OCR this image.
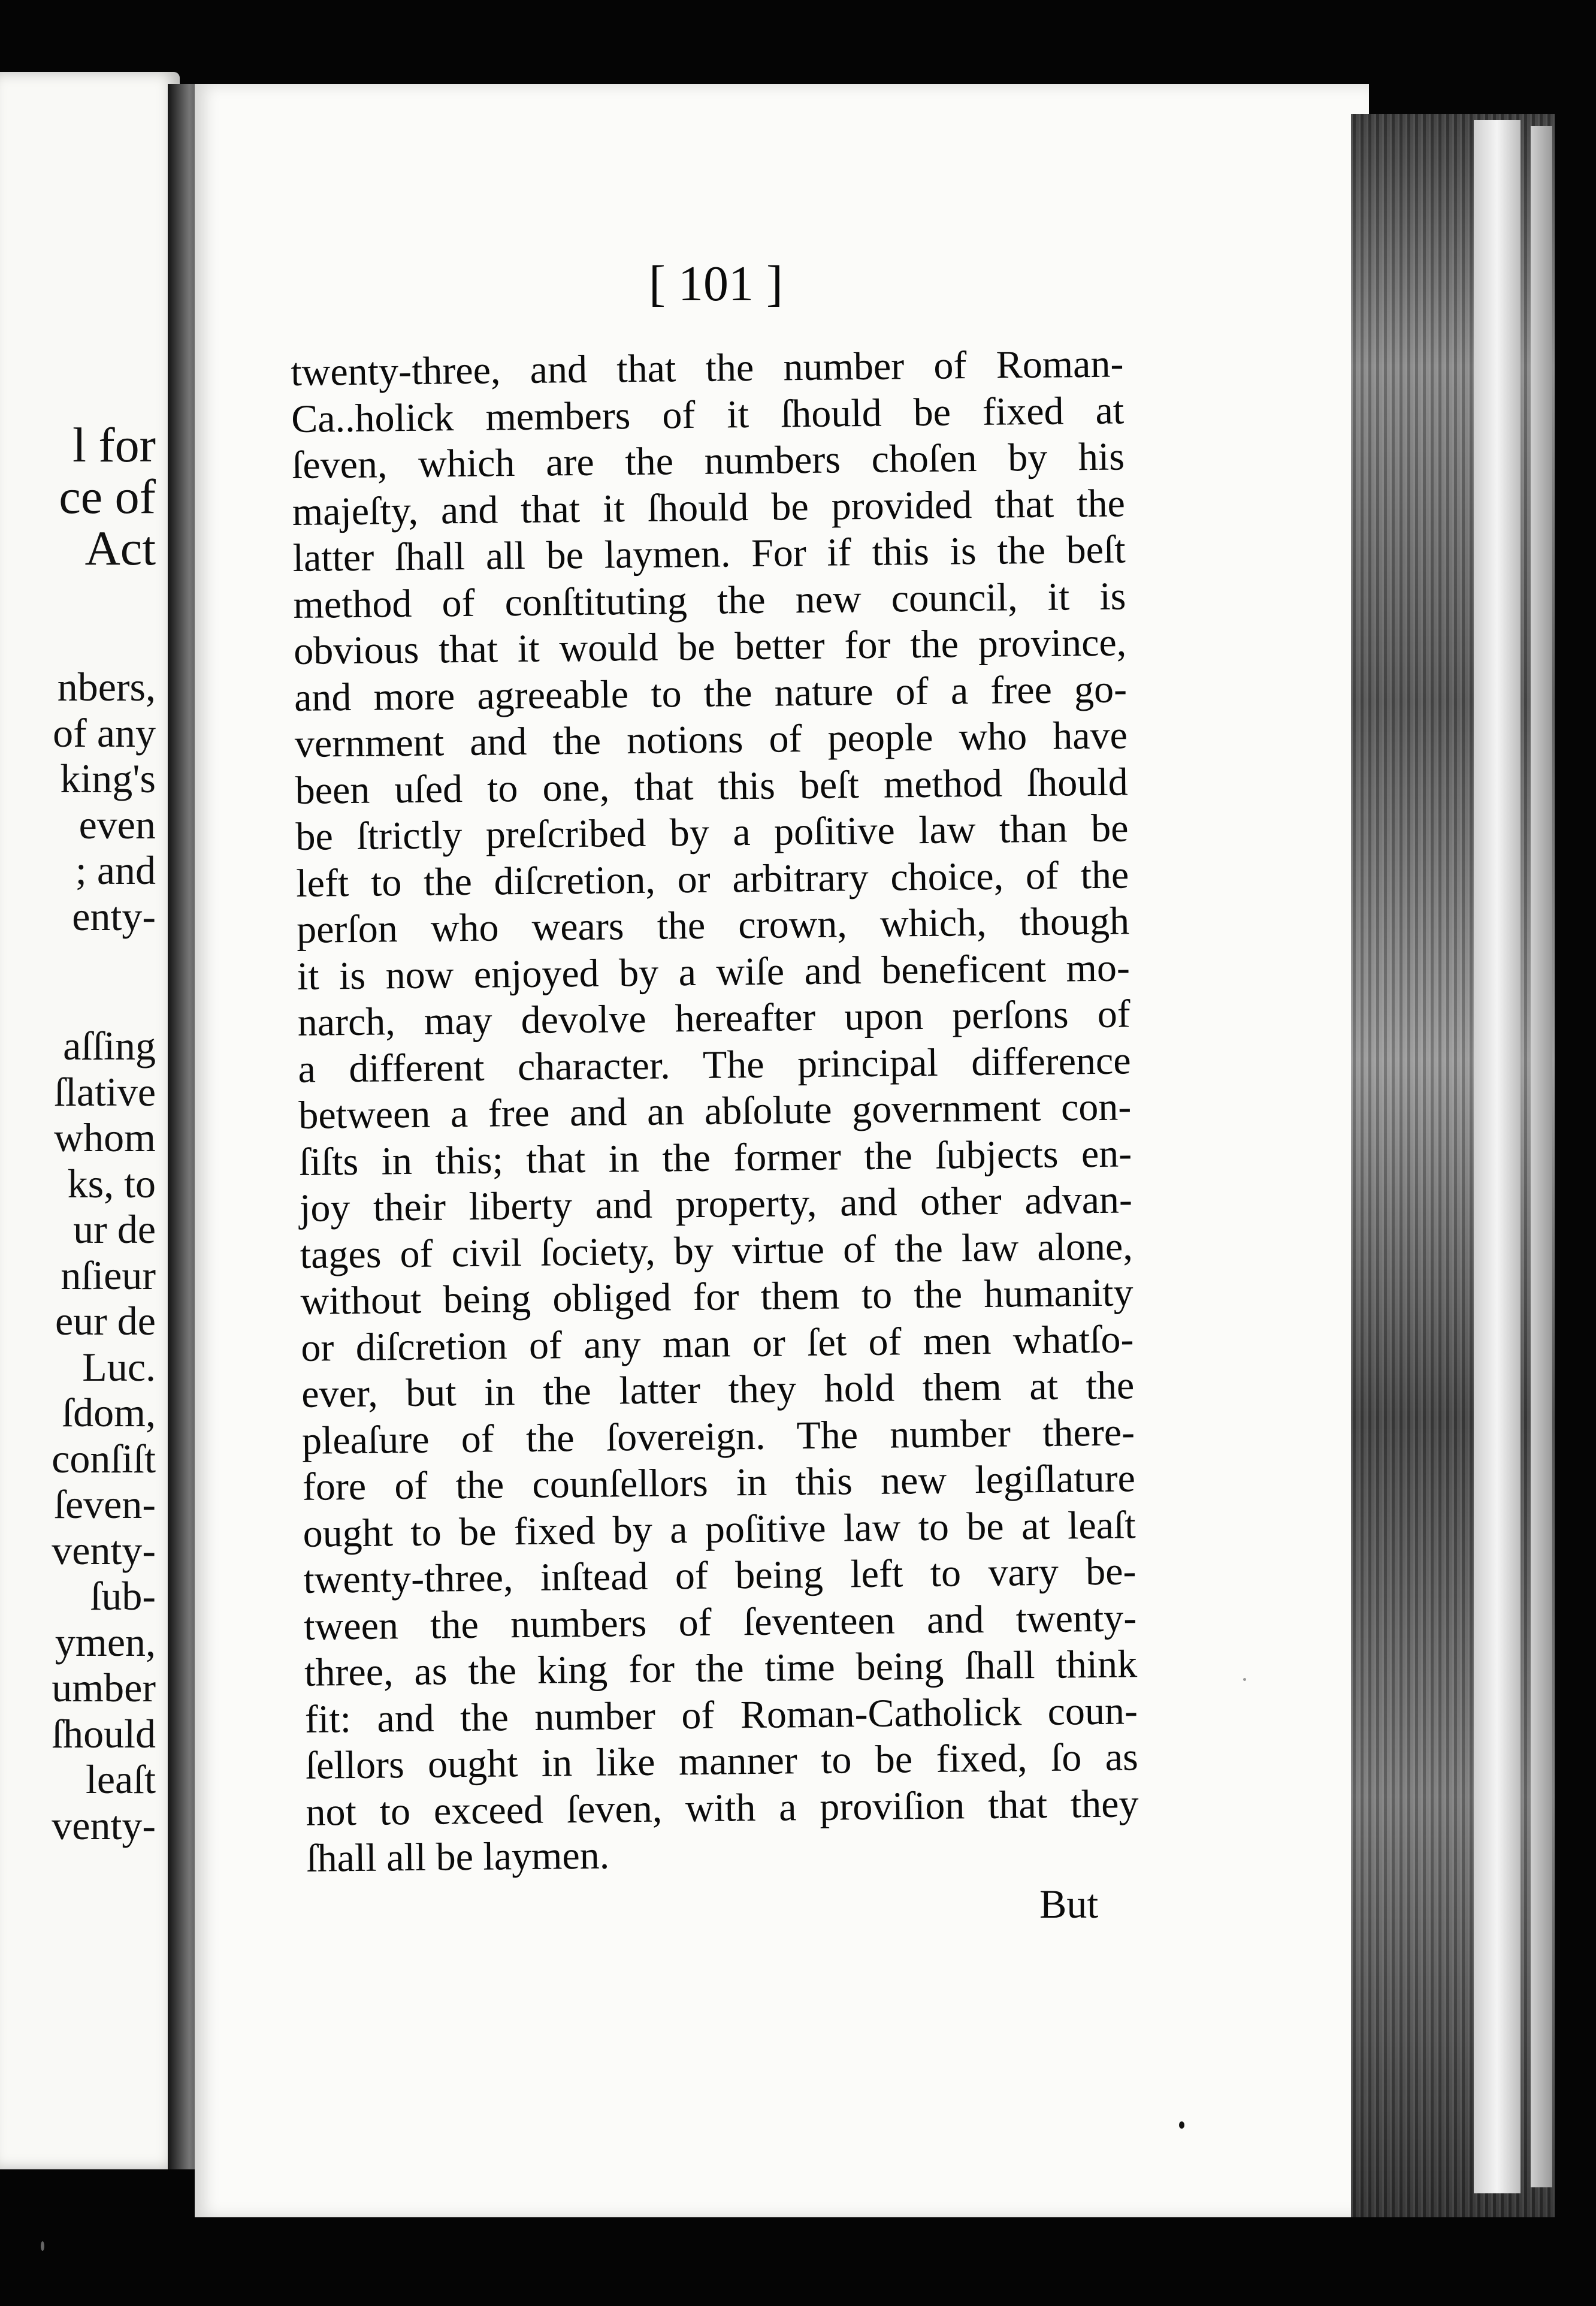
l for
ce of
Act
nbers,
of any
king's
even
; and
enty-
aſſing
ſlative
whom
ks, to
ur de
nſieur
eur de
Luc.
ſdom,
conſiſt
ſeven-
venty-
ſub-
ymen,
umber
ſhould
leaſt
venty-
[ 101 ]
twenty-three, and that the number of Roman-
Ca..holick members of it ſhould be fixed at
ſeven, which are the numbers choſen by his
majeſty, and that it ſhould be provided that the
latter ſhall all be laymen. For if this is the beſt
method of conſtituting the new council, it is
obvious that it would be better for the province,
and more agreeable to the nature of a free go-
vernment and the notions of people who have
been uſed to one, that this beſt method ſhould
be ſtrictly preſcribed by a poſitive law than be
left to the diſcretion, or arbitrary choice, of the
perſon who wears the crown, which, though
it is now enjoyed by a wiſe and beneficent mo-
narch, may devolve hereafter upon perſons of
a different character. The principal difference
between a free and an abſolute government con-
ſiſts in this; that in the former the ſubjects en-
joy their liberty and property, and other advan-
tages of civil ſociety, by virtue of the law alone,
without being obliged for them to the humanity
or diſcretion of any man or ſet of men whatſo-
ever, but in the latter they hold them at the
pleaſure of the ſovereign. The number there-
fore of the counſellors in this new legiſlature
ought to be fixed by a poſitive law to be at leaſt
twenty-three, inſtead of being left to vary be-
tween the numbers of ſeventeen and twenty-
three, as the king for the time being ſhall think
fit: and the number of Roman-Catholick coun-
ſellors ought in like manner to be fixed, ſo as
not to exceed ſeven, with a proviſion that they
ſhall all be laymen.
But
